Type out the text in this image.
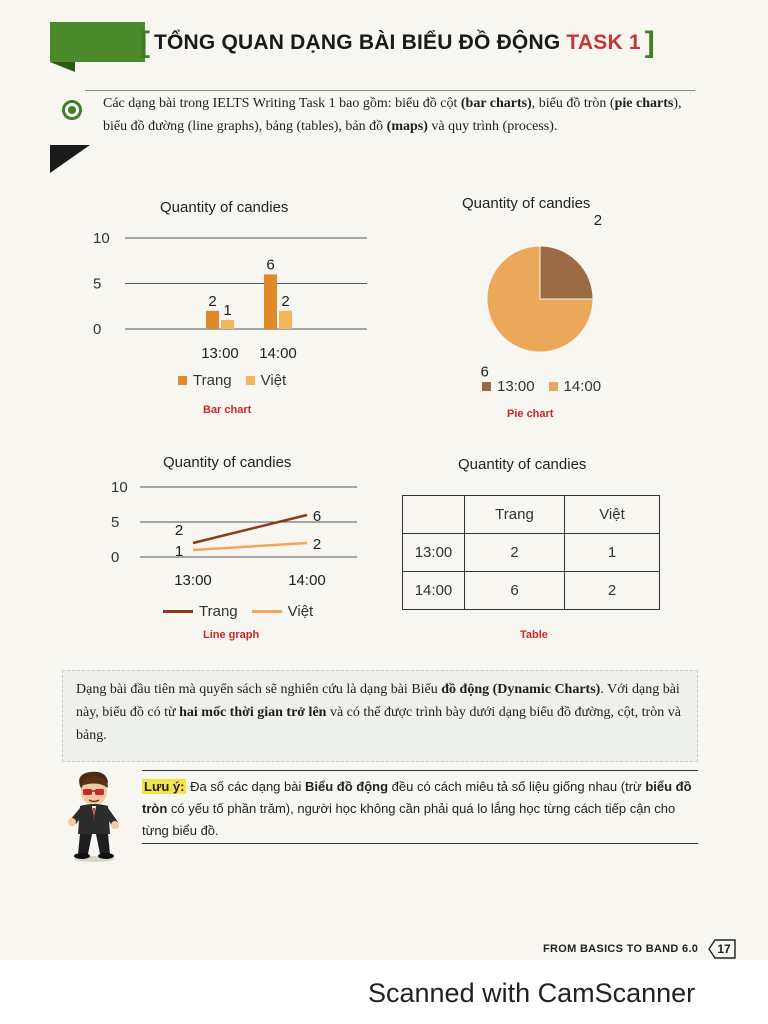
[ TỔNG QUAN DẠNG BÀI BIỂU ĐỒ ĐỘNG TASK 1 ]
Các dạng bài trong IELTS Writing Task 1 bao gồm: biểu đồ cột (bar charts), biểu đồ tròn (pie charts), biểu đồ đường (line graphs), bảng (tables), bản đồ (maps) và quy trình (process).
Quantity of candies
0
5
10
2
1
13:00
6
2
14:00
Trang Việt
Bar chart
Quantity of candies
2
6
13:00 14:00
Pie chart
Quantity of candies
0
5
10
2
6
1	2
13:00	14:00
Trang	Việt
Line graph
Quantity of candies
	Trang	Việt
13:00	2	1
14:00	6	2
Table
Dạng bài đầu tiên mà quyển sách sẽ nghiên cứu là dạng bài Biểu đồ động (Dynamic Charts). Với dạng bài này, biểu đồ có từ hai mốc thời gian trở lên và có thể được trình bày dưới dạng biểu đồ đường, cột, tròn và bảng.
Lưu ý: Đa số các dạng bài Biểu đồ động đều có cách miêu tả số liệu giống nhau (trừ biểu đồ tròn có yếu tố phần trăm), người học không cần phải quá lo lắng học từng cách tiếp cận cho từng biểu đồ.
FROM BASICS TO BAND 6.0 17
Scanned with CamScanner
